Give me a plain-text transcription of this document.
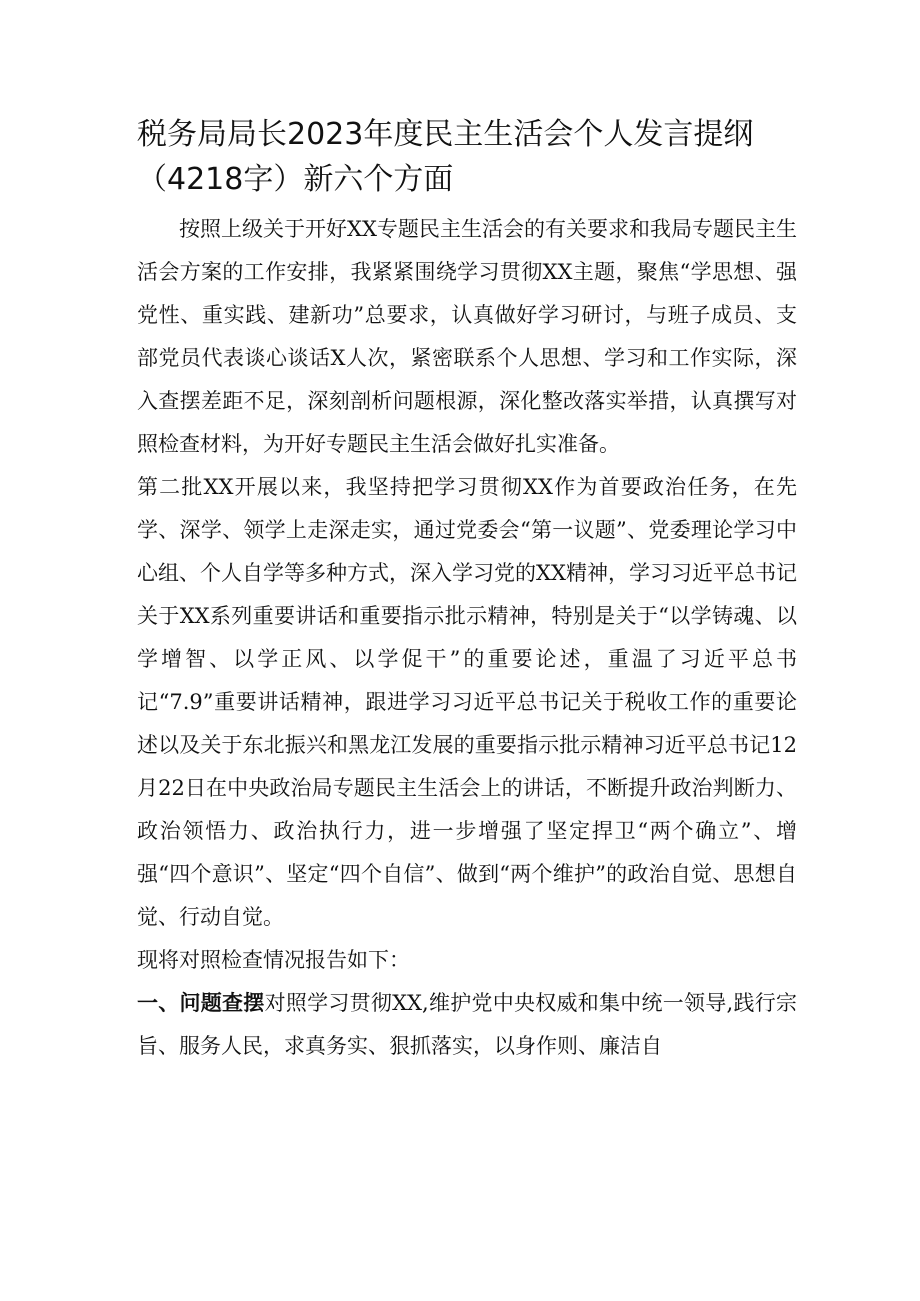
税务局局长2023年度民主生活会个人发言提纲（4218字）新六个方面

按照上级关于开好XX专题民主生活会的有关要求和我局专题民主生活会方案的工作安排，我紧紧围绕学习贯彻XX主题，聚焦“学思想、强党性、重实践、建新功”总要求，认真做好学习研讨，与班子成员、支部党员代表谈心谈话X人次，紧密联系个人思想、学习和工作实际，深入查摆差距不足，深刻剖析问题根源，深化整改落实举措，认真撰写对照检查材料，为开好专题民主生活会做好扎实准备。

第二批XX开展以来，我坚持把学习贯彻XX作为首要政治任务，在先学、深学、领学上走深走实，通过党委会“第一议题”、党委理论学习中心组、个人自学等多种方式，深入学习党的XX精神，学习习近平总书记关于XX系列重要讲话和重要指示批示精神，特别是关于“以学铸魂、以学增智、以学正风、以学促干”的重要论述，重温了习近平总书记“7.9”重要讲话精神，跟进学习习近平总书记关于税收工作的重要论述以及关于东北振兴和黑龙江发展的重要指示批示精神习近平总书记12月22日在中央政治局专题民主生活会上的讲话，不断提升政治判断力、政治领悟力、政治执行力，进一步增强了坚定捍卫“两个确立”、增强“四个意识”、坚定“四个自信”、做到“两个维护”的政治自觉、思想自觉、行动自觉。

现将对照检查情况报告如下：

一、问题查摆对照学习贯彻XX,维护党中央权威和集中统一领导,践行宗旨、服务人民，求真务实、狠抓落实，以身作则、廉洁自
